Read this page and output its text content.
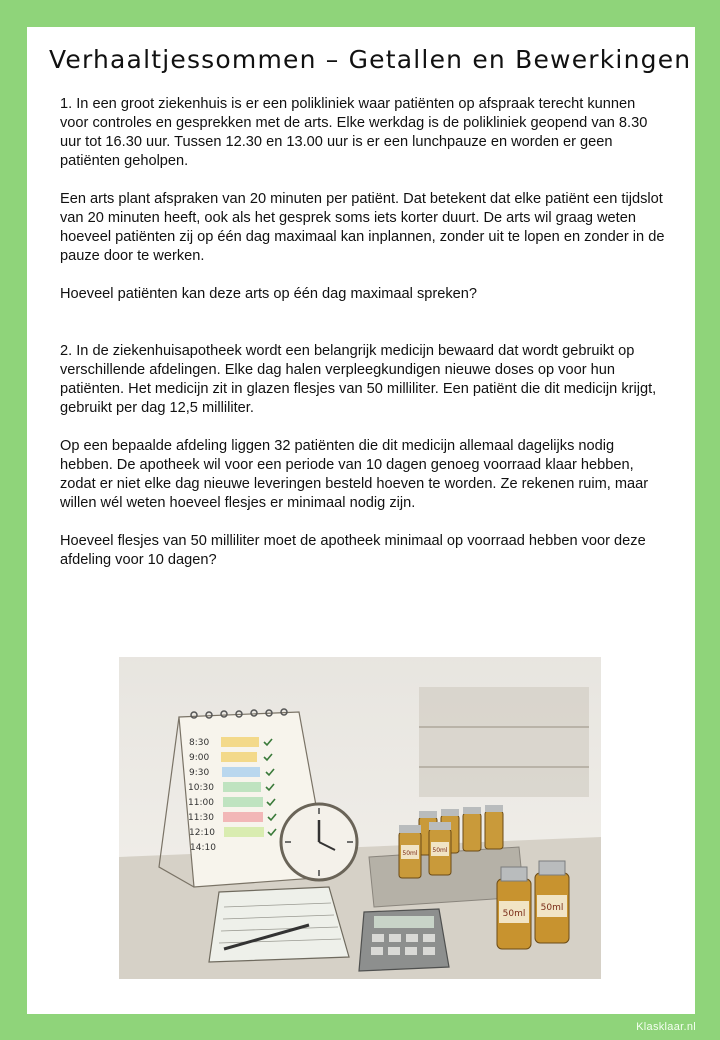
Verhaaltjessommen – Getallen en Bewerkingen

1. In een groot ziekenhuis is er een polikliniek waar patiënten op afspraak terecht kunnen voor controles en gesprekken met de arts. Elke werkdag is de polikliniek geopend van 8.30 uur tot 16.30 uur. Tussen 12.30 en 13.00 uur is er een lunchpauze en worden er geen patiënten geholpen.

Een arts plant afspraken van 20 minuten per patiënt. Dat betekent dat elke patiënt een tijdslot van 20 minuten heeft, ook als het gesprek soms iets korter duurt. De arts wil graag weten hoeveel patiënten zij op één dag maximaal kan inplannen, zonder uit te lopen en zonder in de pauze door te werken.

Hoeveel patiënten kan deze arts op één dag maximaal spreken?

2. In de ziekenhuisapotheek wordt een belangrijk medicijn bewaard dat wordt gebruikt op verschillende afdelingen. Elke dag halen verpleegkundigen nieuwe doses op voor hun patiënten. Het medicijn zit in glazen flesjes van 50 milliliter. Een patiënt die dit medicijn krijgt, gebruikt per dag 12,5 milliliter.

Op een bepaalde afdeling liggen 32 patiënten die dit medicijn allemaal dagelijks nodig hebben. De apotheek wil voor een periode van 10 dagen genoeg voorraad klaar hebben, zodat er niet elke dag nieuwe leveringen besteld hoeven te worden. Ze rekenen ruim, maar willen wél weten hoeveel flesjes er minimaal nodig zijn.

Hoeveel flesjes van 50 milliliter moet de apotheek minimaal op voorraad hebben voor deze afdeling voor 10 dagen?

8:30
9:00
9:30
10:30
11:00
11:30
12:10
14:10
50ml 50ml
50ml
50ml
Klasklaar.nl
